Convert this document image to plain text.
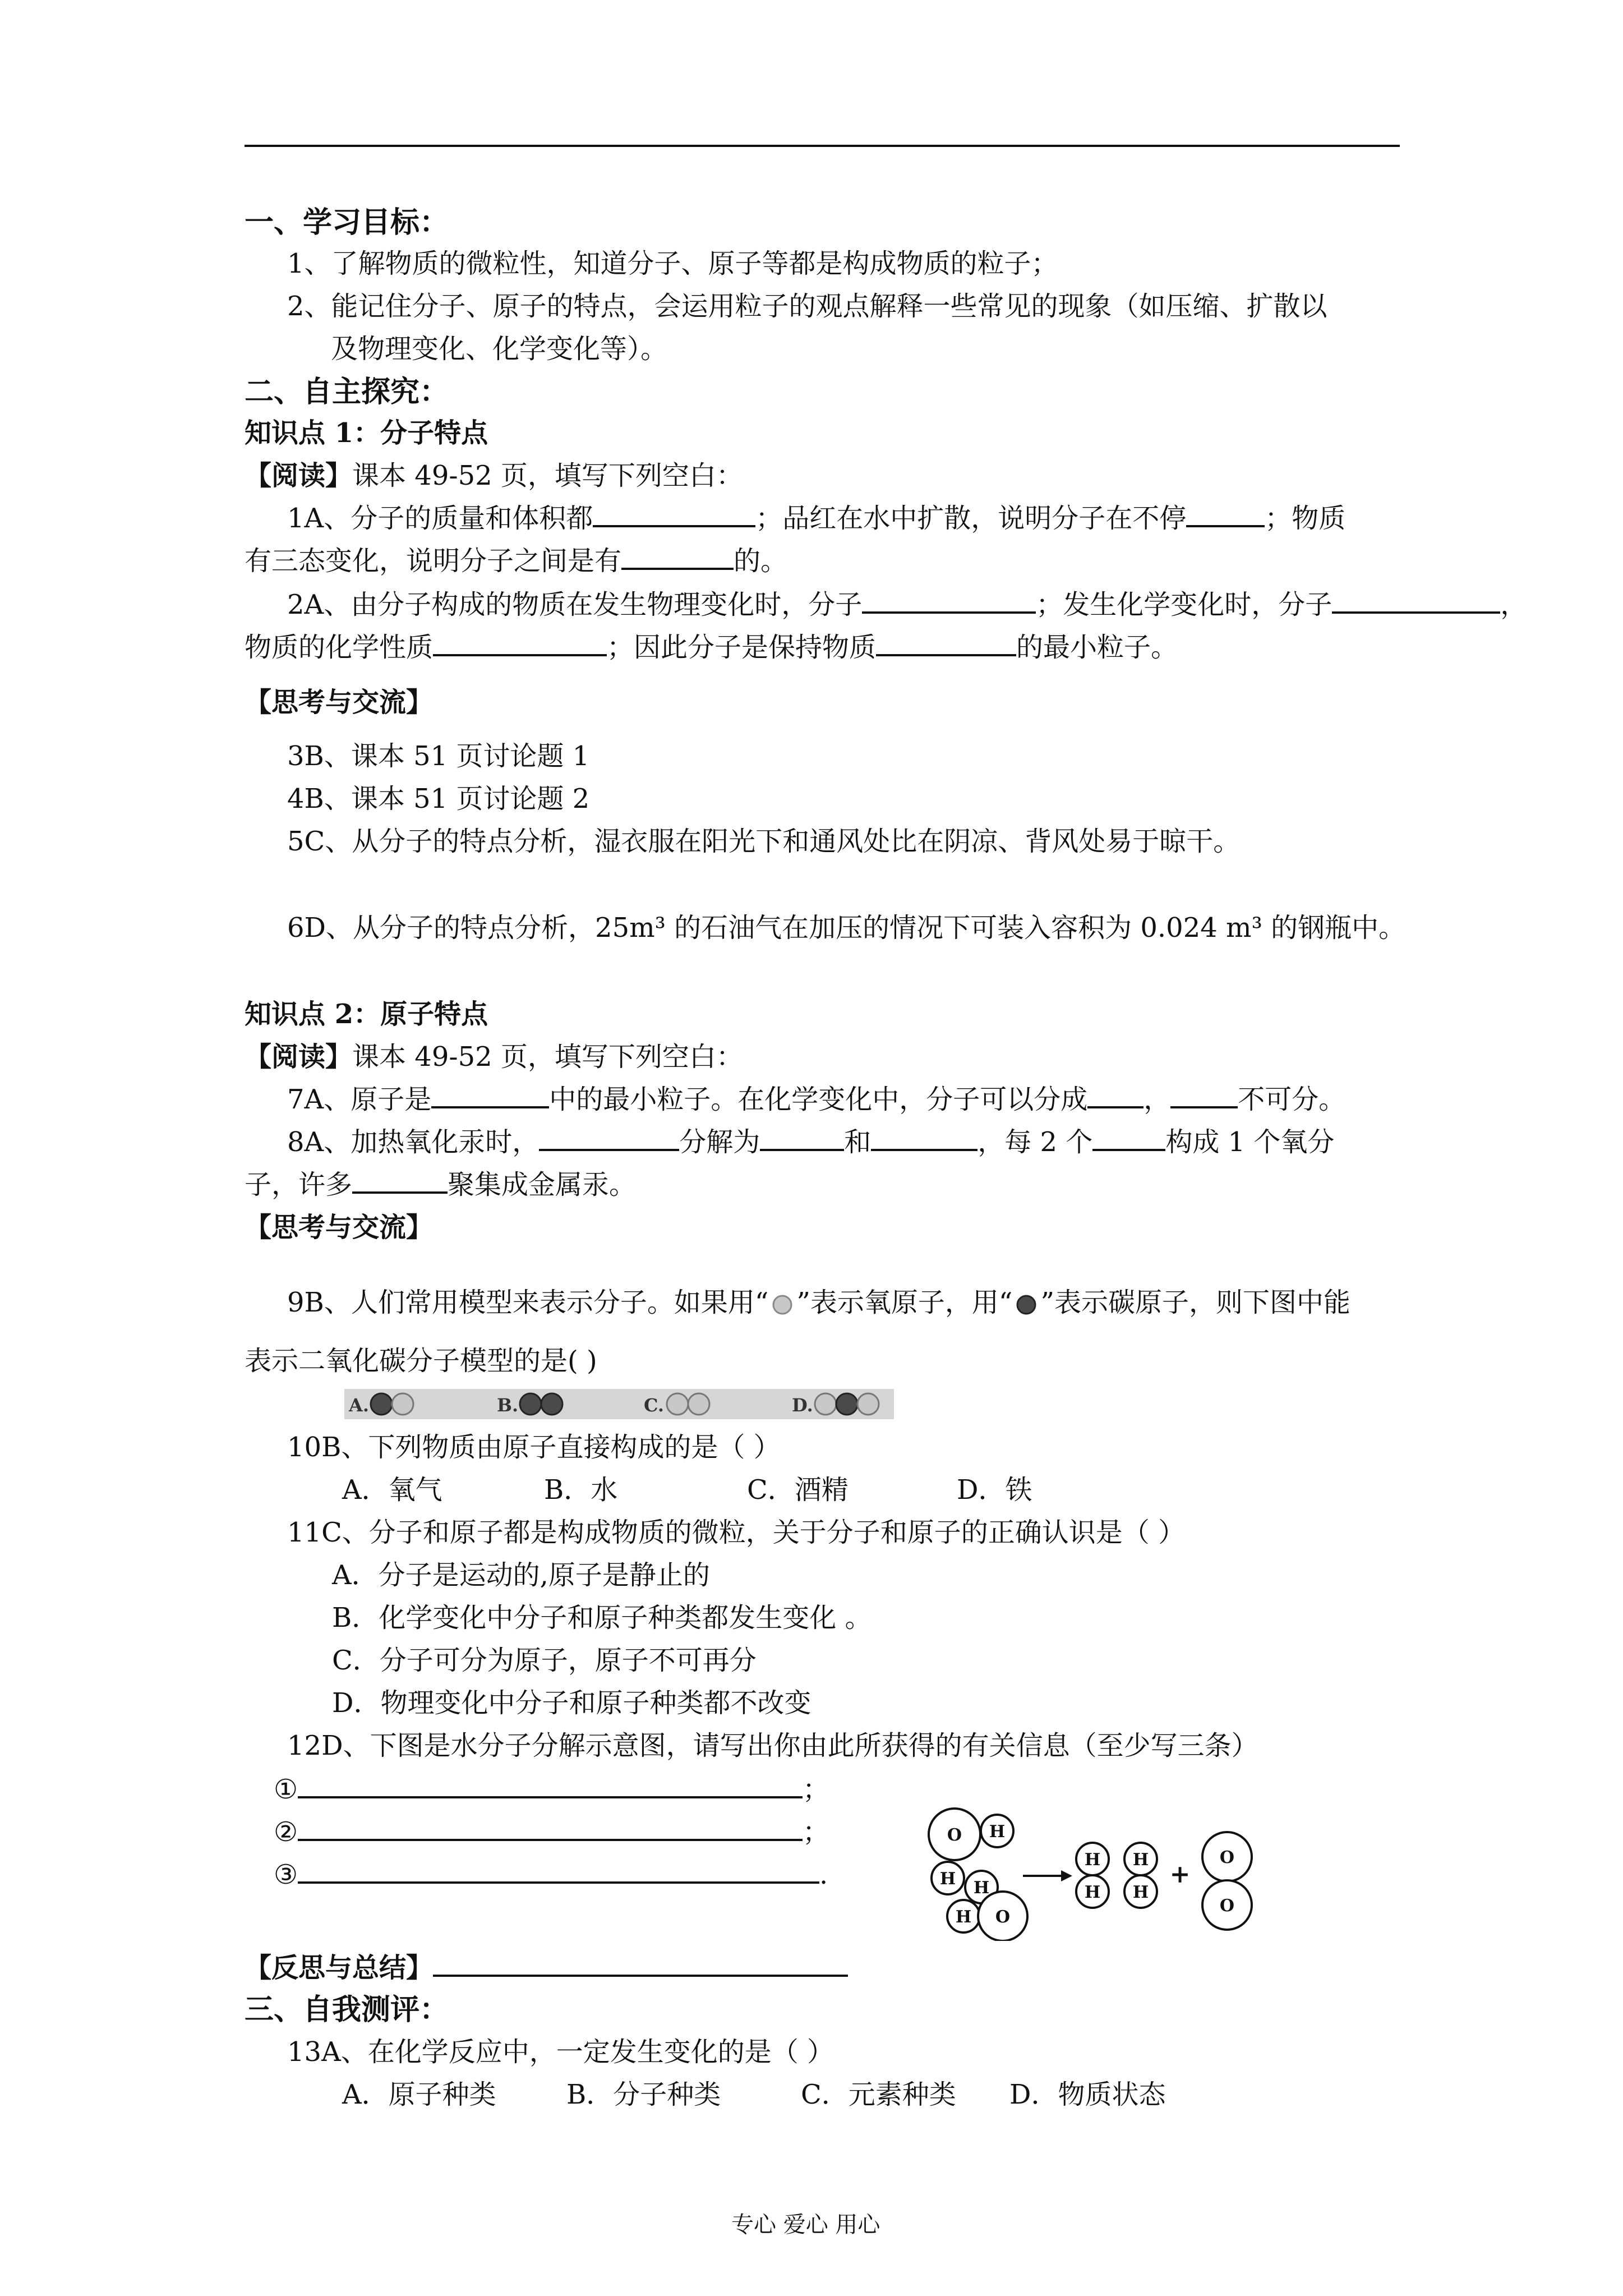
一、学习目标：
1、了解物质的微粒性，知道分子、原子等都是构成物质的粒子；
2、能记住分子、原子的特点，会运用粒子的观点解释一些常见的现象（如压缩、扩散以
及物理变化、化学变化等）。
二、自主探究：
知识点 1：分子特点
【阅读】课本 49-52 页，填写下列空白：
1A、分子的质量和体积都	；品红在水中扩散，说明分子在不停	；物质
有三态变化，说明分子之间是有	的。
2A、由分子构成的物质在发生物理变化时，分子	；发生化学变化时，分子	，
物质的化学性质	；因此分子是保持物质	的最小粒子。
【思考与交流】
3B、课本 51 页讨论题 1
4B、课本 51 页讨论题 2
5C、从分子的特点分析，湿衣服在阳光下和通风处比在阴凉、背风处易于晾干。
6D、从分子的特点分析，25m³ 的石油气在加压的情况下可装入容积为 0.024 m³ 的钢瓶中。
知识点 2：原子特点
【阅读】课本 49-52 页，填写下列空白：
7A、原子是	中的最小粒子。在化学变化中，分子可以分成 ，	不可分。
8A、加热氧化汞时，	分解为	和	，每 2 个	构成 1 个氧分
子，许多	聚集成金属汞。
【思考与交流】
9B、人们常用模型来表示分子。如果用“ ”表示氧原子，用“ ”表示碳原子，则下图中能
表示二氧化碳分子模型的是( )
A.	B.	C.	D.
10B、下列物质由原子直接构成的是（ ）
A．氧气	B．水	C．酒精	D．铁
11C、分子和原子都是构成物质的微粒，关于分子和原子的正确认识是（ ）
A．分子是运动的,原子是静止的
B．化学变化中分子和原子种类都发生变化 。
C．分子可分为原子，原子不可再分
D．物理变化中分子和原子种类都不改变
12D、下图是水分子分解示意图，请写出你由此所获得的有关信息（至少写三条）
①	；
②	；
③	.
O H
H H
H O
H
H
H
H
O
O
+
【反思与总结】
三、自我测评：
13A、在化学反应中，一定发生变化的是（ ）
A．原子种类	B．分子种类	C．元素种类 D．物质状态
专心 爱心 用心
